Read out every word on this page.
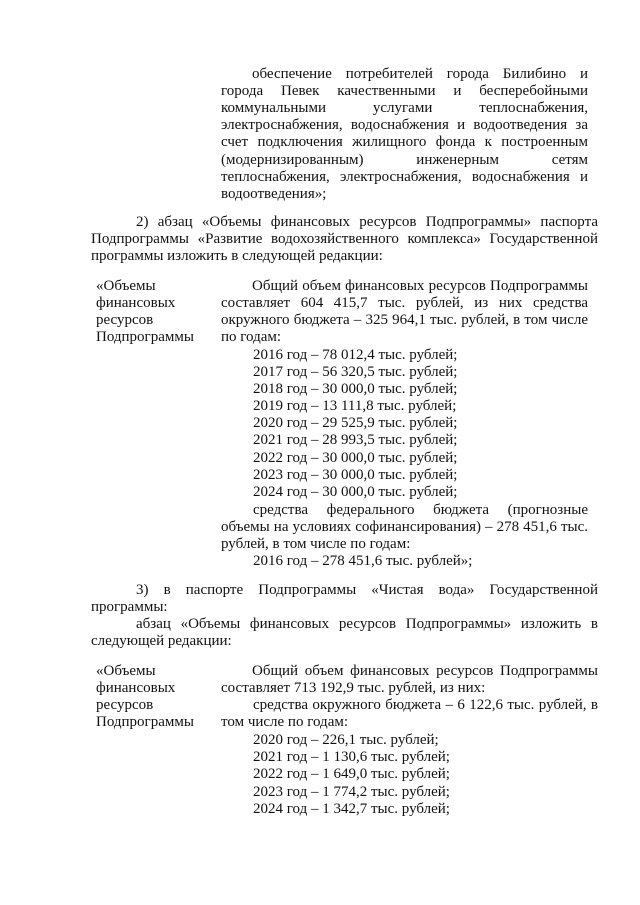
обеспечение потребителей города Билибино и
города Певек качественными и бесперебойными
коммунальными услугами теплоснабжения,
электроснабжения, водоснабжения и водоотведения за
счет подключения жилищного фонда к построенным
(модернизированным) инженерным сетям
теплоснабжения, электроснабжения, водоснабжения и
водоотведения»;
2) абзац «Объемы финансовых ресурсов Подпрограммы» паспорта
Подпрограммы «Развитие водохозяйственного комплекса» Государственной
программы изложить в следующей редакции:
«Объемы
финансовых
ресурсов
Подпрограммы
Общий объем финансовых ресурсов Подпрограммы
составляет 604 415,7 тыс. рублей, из них средства
окружного бюджета – 325 964,1 тыс. рублей, в том числе
по годам:
2016 год – 78 012,4 тыс. рублей;
2017 год – 56 320,5 тыс. рублей;
2018 год – 30 000,0 тыс. рублей;
2019 год – 13 111,8 тыс. рублей;
2020 год – 29 525,9 тыс. рублей;
2021 год – 28 993,5 тыс. рублей;
2022 год – 30 000,0 тыс. рублей;
2023 год – 30 000,0 тыс. рублей;
2024 год – 30 000,0 тыс. рублей;
средства федерального бюджета (прогнозные
объемы на условиях софинансирования) – 278 451,6 тыс.
рублей, в том числе по годам:
2016 год – 278 451,6 тыс. рублей»;
3) в паспорте Подпрограммы «Чистая вода» Государственной
программы:
абзац «Объемы финансовых ресурсов Подпрограммы» изложить в
следующей редакции:
«Объемы
финансовых
ресурсов
Подпрограммы
Общий объем финансовых ресурсов Подпрограммы
составляет 713 192,9 тыс. рублей, из них:
средства окружного бюджета – 6 122,6 тыс. рублей, в
том числе по годам:
2020 год – 226,1 тыс. рублей;
2021 год – 1 130,6 тыс. рублей;
2022 год – 1 649,0 тыс. рублей;
2023 год – 1 774,2 тыс. рублей;
2024 год – 1 342,7 тыс. рублей;
